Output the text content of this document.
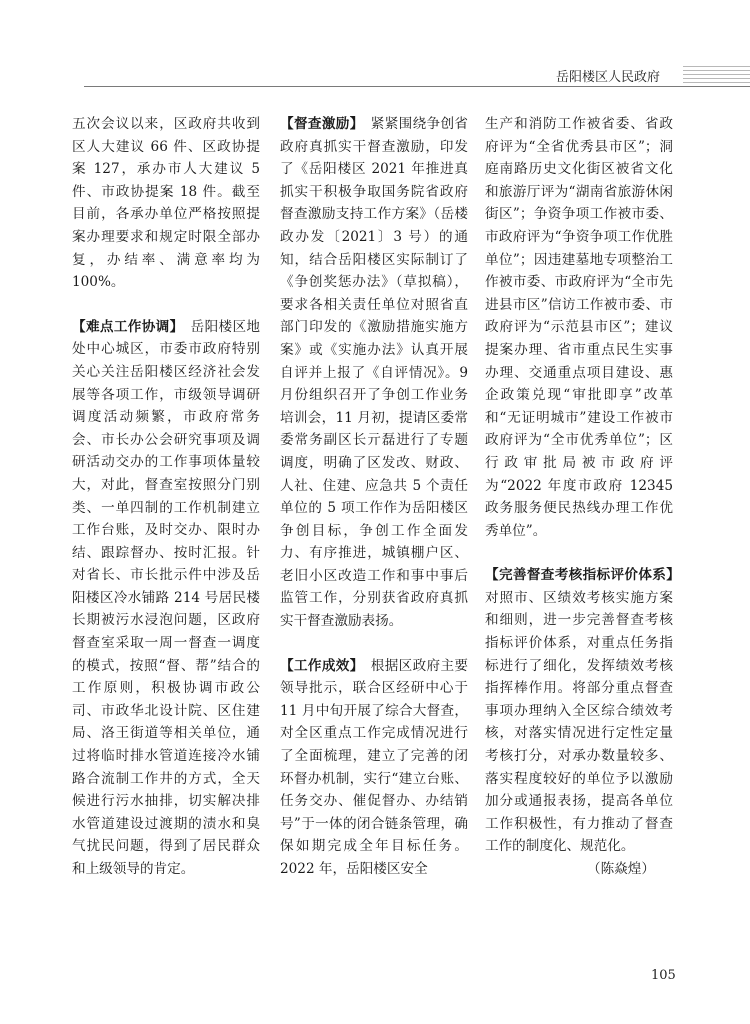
岳阳楼区人民政府

五次会议以来，区政府共收到区人大建议 66 件、区政协提案 127，承办市人大建议 5 件、市政协提案 18 件。截至目前，各承办单位严格按照提案办理要求和规定时限全部办复，办结率、满意率均为 100%。

【难点工作协调】　 岳阳楼区地处中心城区，市委市政府特别关心关注岳阳楼区经济社会发展等各项工作，市级领导调研调度活动频繁，市政府常务会、市长办公会研究事项及调研活动交办的工作事项体量较大，对此，督查室按照分门别类、一单四制的工作机制建立工作台账，及时交办、限时办结、跟踪督办、按时汇报。针对省长、市长批示件中涉及岳阳楼区冷水铺路 214 号居民楼长期被污水浸泡问题，区政府督查室采取一周一督查一调度的模式，按照“督、帮”结合的工作原则，积极协调市政公司、市政华北设计院、区住建局、洛王街道等相关单位，通过将临时排水管道连接冷水铺路合流制工作井的方式，全天候进行污水抽排，切实解决排水管道建设过渡期的渍水和臭气扰民问题，得到了居民群众和上级领导的肯定。

【督查激励】　 紧紧围绕争创省政府真抓实干督查激励，印发了《岳阳楼区 2021 年推进真抓实干积极争取国务院省政府督查激励支持工作方案》（岳楼政办发〔2021〕3 号）的通知，结合岳阳楼区实际制订了《争创奖惩办法》（草拟稿），要求各相关责任单位对照省直部门印发的《激励措施实施方案》或《实施办法》认真开展自评并上报了《自评情况》。9 月份组织召开了争创工作业务培训会，11 月初，提请区委常委常务副区长亓磊进行了专题调度，明确了区发改、财政、人社、住建、应急共 5 个责任单位的 5 项工作作为岳阳楼区争创目标，争创工作全面发力、有序推进，城镇棚户区、老旧小区改造工作和事中事后监管工作，分别获省政府真抓实干督查激励表扬。

【工作成效】　 根据区政府主要领导批示，联合区经研中心于 11 月中旬开展了综合大督查，对全区重点工作完成情况进行了全面梳理，建立了完善的闭环督办机制，实行“建立台账、任务交办、催促督办、办结销号”于一体的闭合链条管理，确保如期完成全年目标任务。2022 年，岳阳楼区安全

生产和消防工作被省委、省政府评为“全省优秀县市区”；洞庭南路历史文化街区被省文化和旅游厅评为“湖南省旅游休闲街区”；争资争项工作被市委、市政府评为“争资争项工作优胜单位”；因违建墓地专项整治工作被市委、市政府评为“全市先进县市区”信访工作被市委、市政府评为“示范县市区”；建议提案办理、省市重点民生实事办理、交通重点项目建设、惠企政策兑现“审批即享”改革和“无证明城市”建设工作被市政府评为“全市优秀单位”；区行政审批局被市政府评为“2022 年度市政府 12345 政务服务便民热线办理工作优秀单位”。

【完善督查考核指标评价体系】　对照市、区绩效考核实施方案和细则，进一步完善督查考核指标评价体系，对重点任务指标进行了细化，发挥绩效考核指挥棒作用。将部分重点督查事项办理纳入全区综合绩效考核，对落实情况进行定性定量考核打分，对承办数量较多、落实程度较好的单位予以激励加分或通报表扬，提高各单位工作积极性，有力推动了督查工作的制度化、规范化。

（陈焱煌）

105
